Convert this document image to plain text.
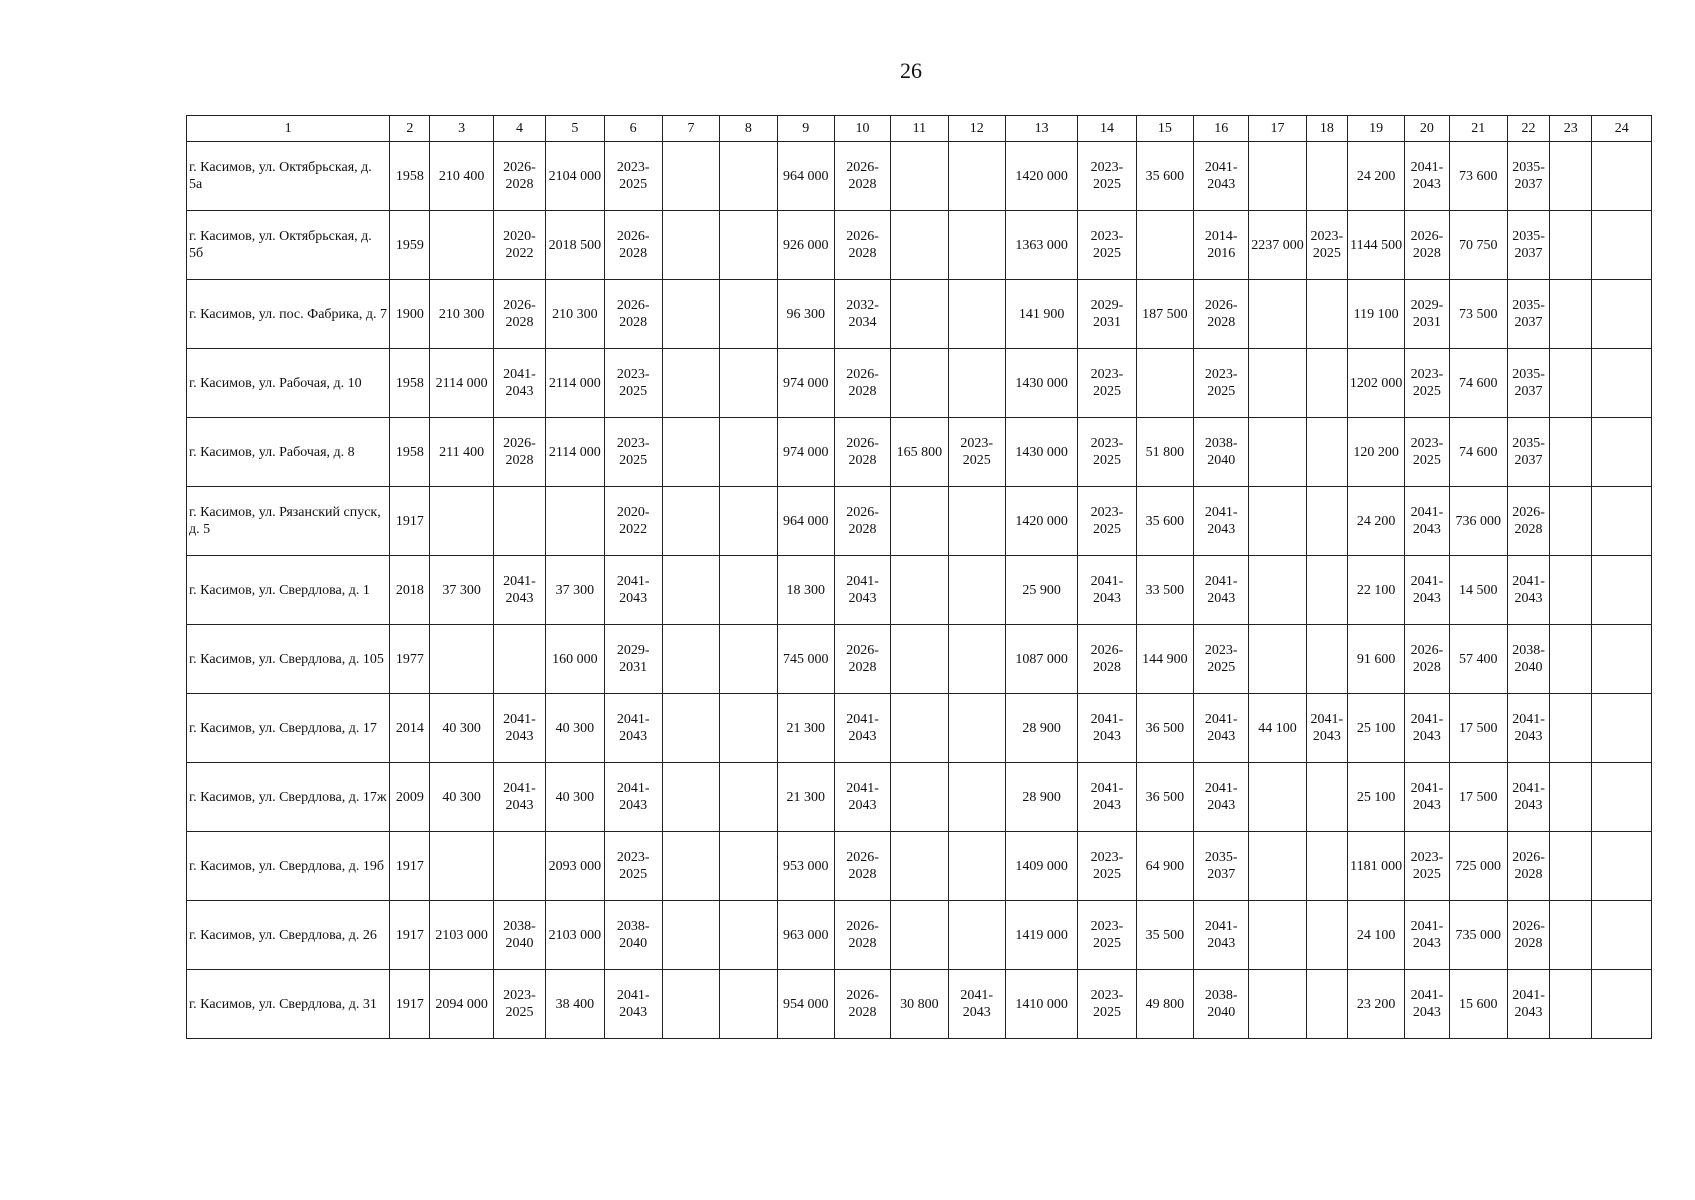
26
1	2	3	4	5	6	7	8	9	10	11	12	13	14	15	16	17	18	19	20	21	22	23	24
г. Касимов, ул. Октябрьская, д. 5а	1958	210 400	2026-2028	2104 000	2023-2025			964 000	2026-2028			1420 000	2023-2025	35 600	2041-2043			24 200	2041-2043	73 600	2035-2037		
г. Касимов, ул. Октябрьская, д. 5б	1959		2020-2022	2018 500	2026-2028			926 000	2026-2028			1363 000	2023-2025		2014-2016	2237 000	2023-2025	1144 500	2026-2028	70 750	2035-2037		
г. Касимов, ул. пос. Фабрика, д. 7	1900	210 300	2026-2028	210 300	2026-2028			96 300	2032-2034			141 900	2029-2031	187 500	2026-2028			119 100	2029-2031	73 500	2035-2037		
г. Касимов, ул. Рабочая, д. 10	1958	2114 000	2041-2043	2114 000	2023-2025			974 000	2026-2028			1430 000	2023-2025		2023-2025			1202 000	2023-2025	74 600	2035-2037		
г. Касимов, ул. Рабочая, д. 8	1958	211 400	2026-2028	2114 000	2023-2025			974 000	2026-2028	165 800	2023-2025	1430 000	2023-2025	51 800	2038-2040			120 200	2023-2025	74 600	2035-2037		
г. Касимов, ул. Рязанский спуск, д. 5	1917				2020-2022			964 000	2026-2028			1420 000	2023-2025	35 600	2041-2043			24 200	2041-2043	736 000	2026-2028		
г. Касимов, ул. Свердлова, д. 1	2018	37 300	2041-2043	37 300	2041-2043			18 300	2041-2043			25 900	2041-2043	33 500	2041-2043			22 100	2041-2043	14 500	2041-2043		
г. Касимов, ул. Свердлова, д. 105	1977			160 000	2029-2031			745 000	2026-2028			1087 000	2026-2028	144 900	2023-2025			91 600	2026-2028	57 400	2038-2040		
г. Касимов, ул. Свердлова, д. 17	2014	40 300	2041-2043	40 300	2041-2043			21 300	2041-2043			28 900	2041-2043	36 500	2041-2043	44 100	2041-2043	25 100	2041-2043	17 500	2041-2043		
г. Касимов, ул. Свердлова, д. 17ж	2009	40 300	2041-2043	40 300	2041-2043			21 300	2041-2043			28 900	2041-2043	36 500	2041-2043			25 100	2041-2043	17 500	2041-2043		
г. Касимов, ул. Свердлова, д. 19б	1917			2093 000	2023-2025			953 000	2026-2028			1409 000	2023-2025	64 900	2035-2037			1181 000	2023-2025	725 000	2026-2028		
г. Касимов, ул. Свердлова, д. 26	1917	2103 000	2038-2040	2103 000	2038-2040			963 000	2026-2028			1419 000	2023-2025	35 500	2041-2043			24 100	2041-2043	735 000	2026-2028		
г. Касимов, ул. Свердлова, д. 31	1917	2094 000	2023-2025	38 400	2041-2043			954 000	2026-2028	30 800	2041-2043	1410 000	2023-2025	49 800	2038-2040			23 200	2041-2043	15 600	2041-2043		
